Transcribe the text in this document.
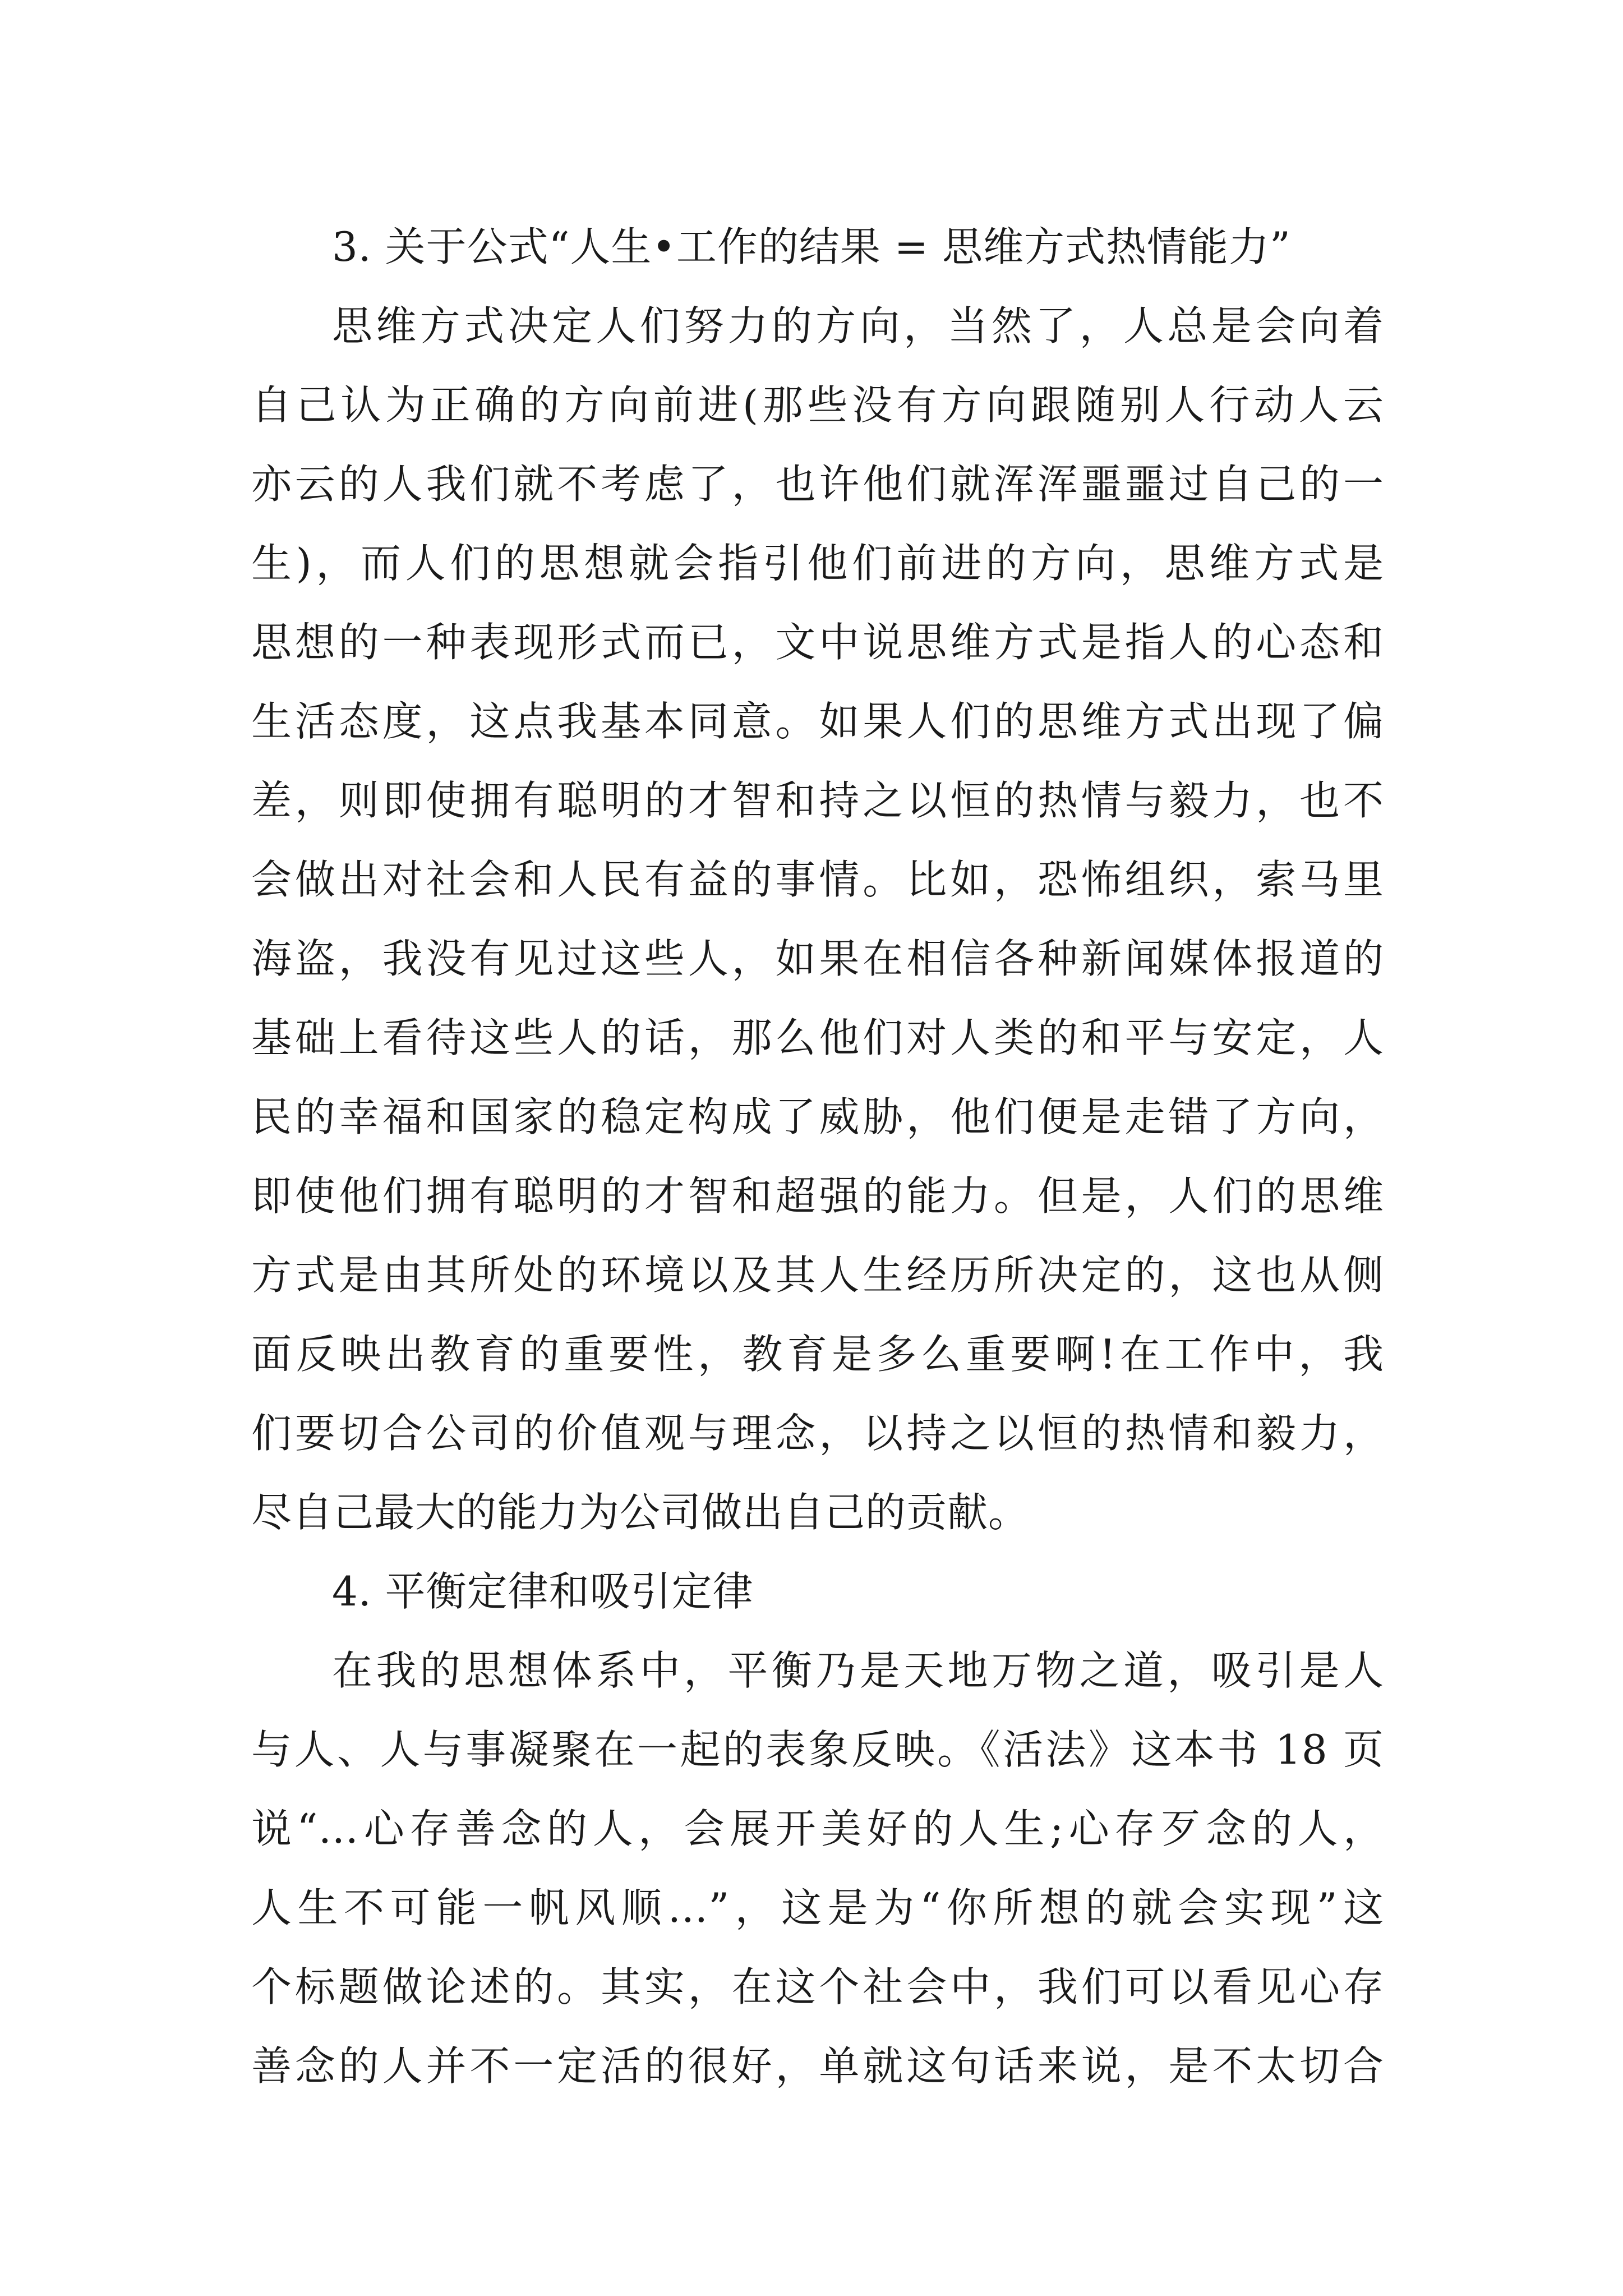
3. 关于公式“人生•工作的结果 = 思维方式热情能力”
思维方式决定人们努力的方向，当然了，人总是会向着
自己认为正确的方向前进(那些没有方向跟随别人行动人云
亦云的人我们就不考虑了，也许他们就浑浑噩噩过自己的一
生)，而人们的思想就会指引他们前进的方向，思维方式是
思想的一种表现形式而已，文中说思维方式是指人的心态和
生活态度，这点我基本同意。如果人们的思维方式出现了偏
差，则即使拥有聪明的才智和持之以恒的热情与毅力，也不
会做出对社会和人民有益的事情。比如，恐怖组织，索马里
海盗，我没有见过这些人，如果在相信各种新闻媒体报道的
基础上看待这些人的话，那么他们对人类的和平与安定，人
民的幸福和国家的稳定构成了威胁，他们便是走错了方向，
即使他们拥有聪明的才智和超强的能力。但是，人们的思维
方式是由其所处的环境以及其人生经历所决定的，这也从侧
面反映出教育的重要性，教育是多么重要啊!在工作中，我
们要切合公司的价值观与理念，以持之以恒的热情和毅力，
尽自己最大的能力为公司做出自己的贡献。
4. 平衡定律和吸引定律
在我的思想体系中，平衡乃是天地万物之道，吸引是人
与人、人与事凝聚在一起的表象反映。《活法》这本书 18 页
说“…心存善念的人，会展开美好的人生;心存歹念的人，
人生不可能一帆风顺…”，这是为“你所想的就会实现”这
个标题做论述的。其实，在这个社会中，我们可以看见心存
善念的人并不一定活的很好，单就这句话来说，是不太切合
